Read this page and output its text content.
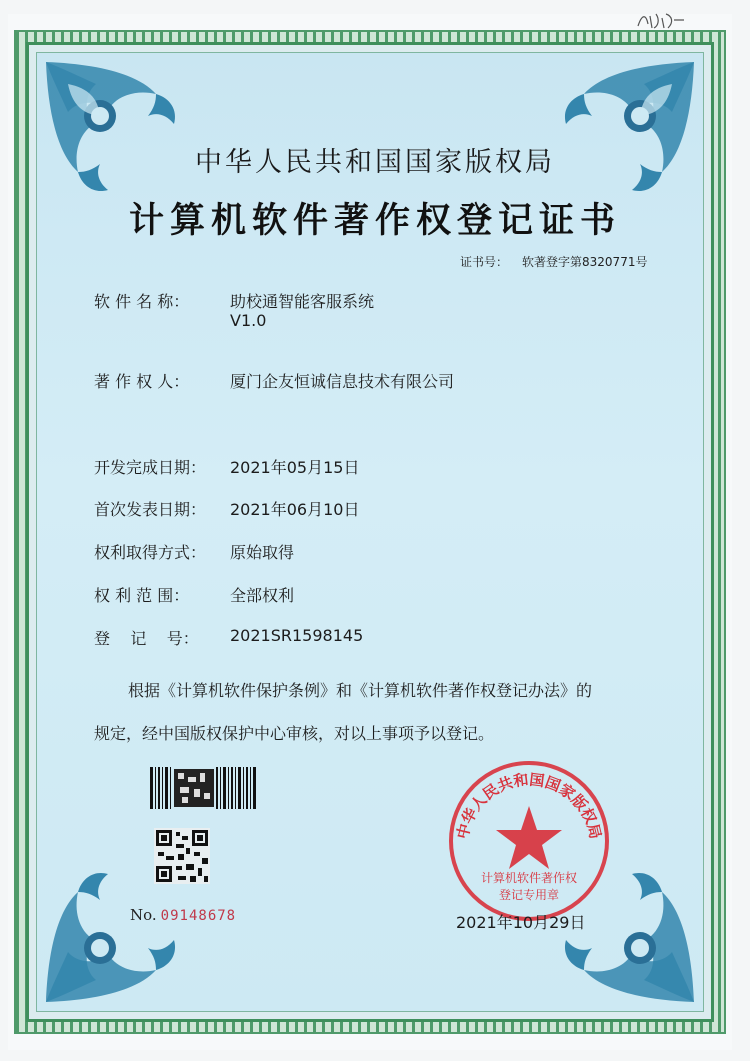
中华人民共和国国家版权局
计算机软件著作权登记证书
证书号： 软著登字第8320771号
软 件 名 称：	助校通智能客服系统
V1.0
著 作 权 人：	厦门企友恒诚信息技术有限公司
开发完成日期： 2021年05月15日
首次发表日期： 2021年06月10日
权利取得方式： 原始取得
权 利 范 围：	全部权利
登    记    号： 2021SR1598145
根据《计算机软件保护条例》和《计算机软件著作权登记办法》的
规定，经中国版权保护中心审核，对以上事项予以登记。
No. 09148678
中华人民共和国国家版权局
计算机软件著作权
登记专用章
2021年10月29日
